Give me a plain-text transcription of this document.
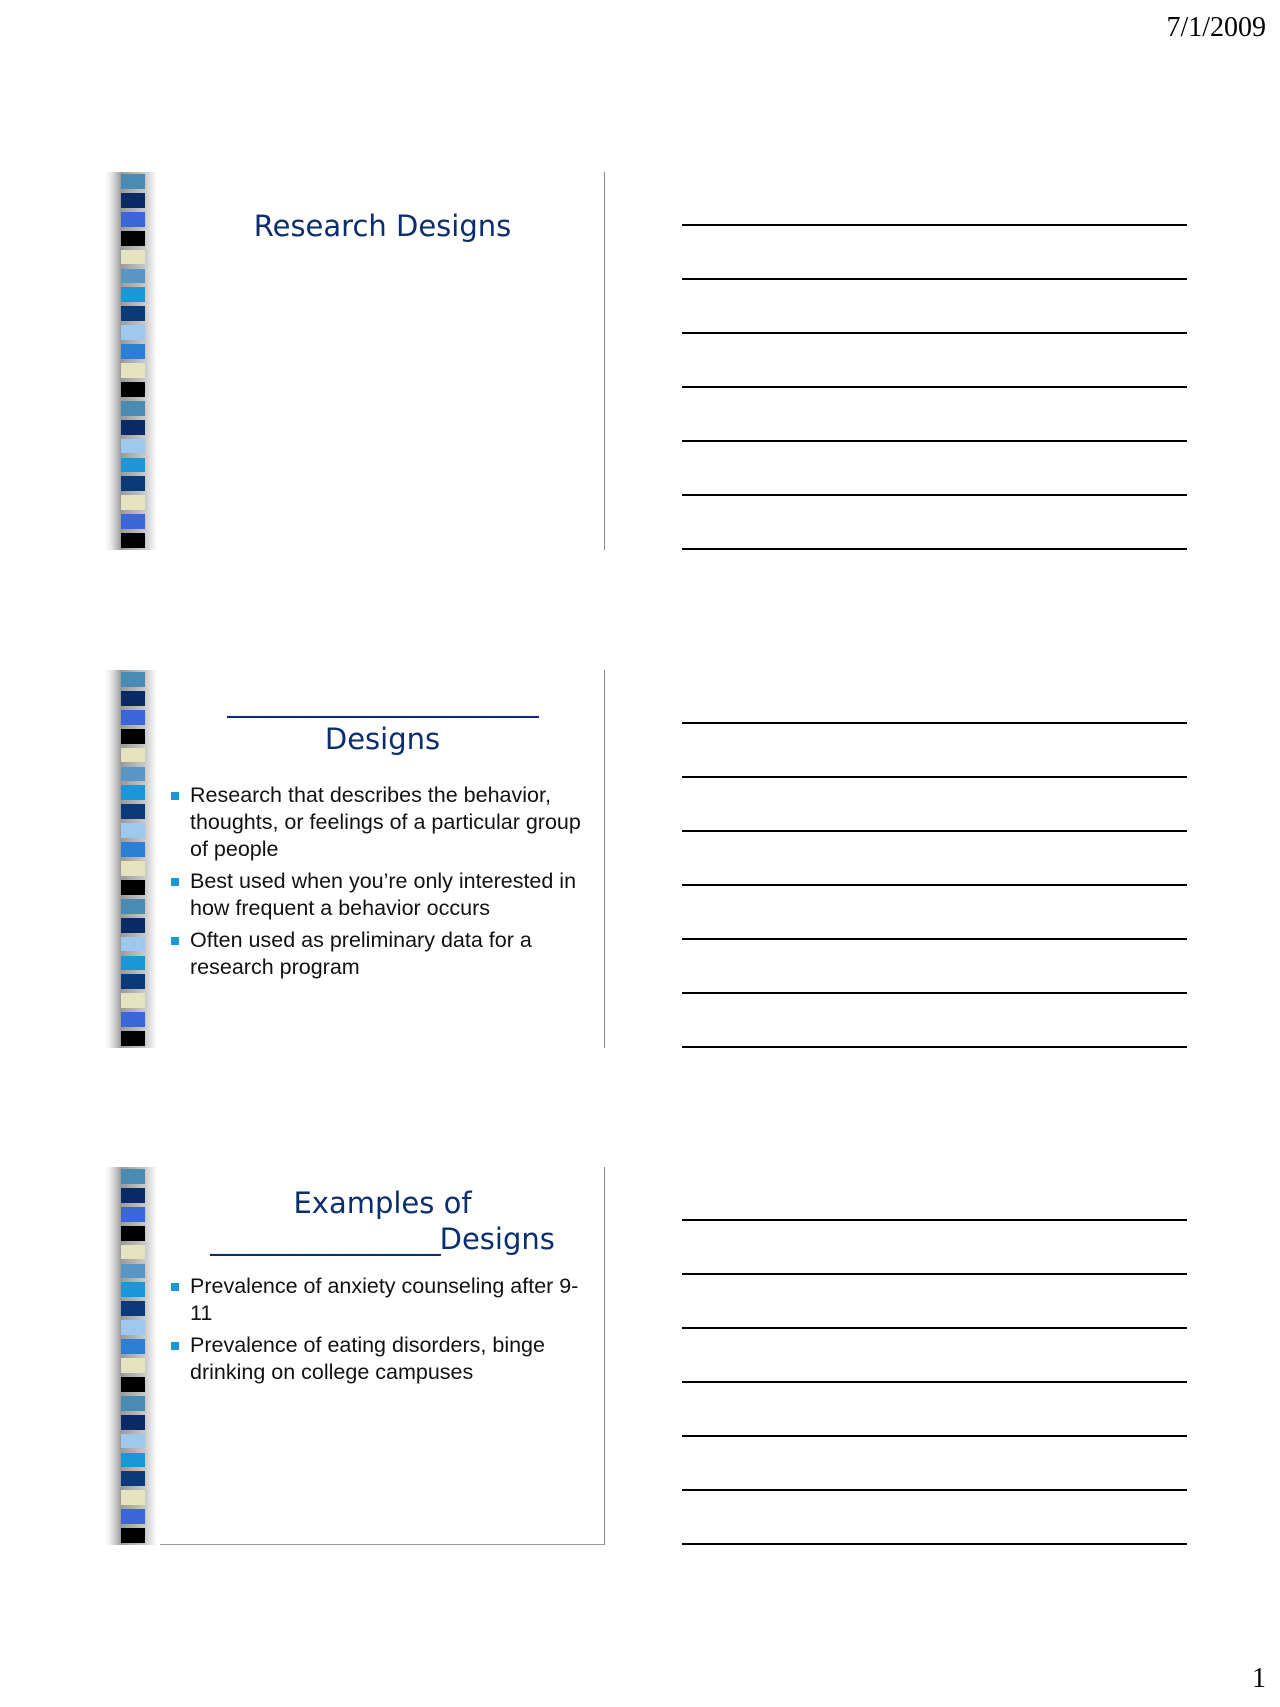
7/1/2009
Research Designs
_______________________
Designs
Research that describes the behavior, thoughts, or feelings of a particular group of people
Best used when you’re only interested in how frequent a behavior occurs
Often used as preliminary data for a research program
Examples of
_________________Designs
Prevalence of anxiety counseling after 9-11
Prevalence of eating disorders, binge drinking on college campuses
1
